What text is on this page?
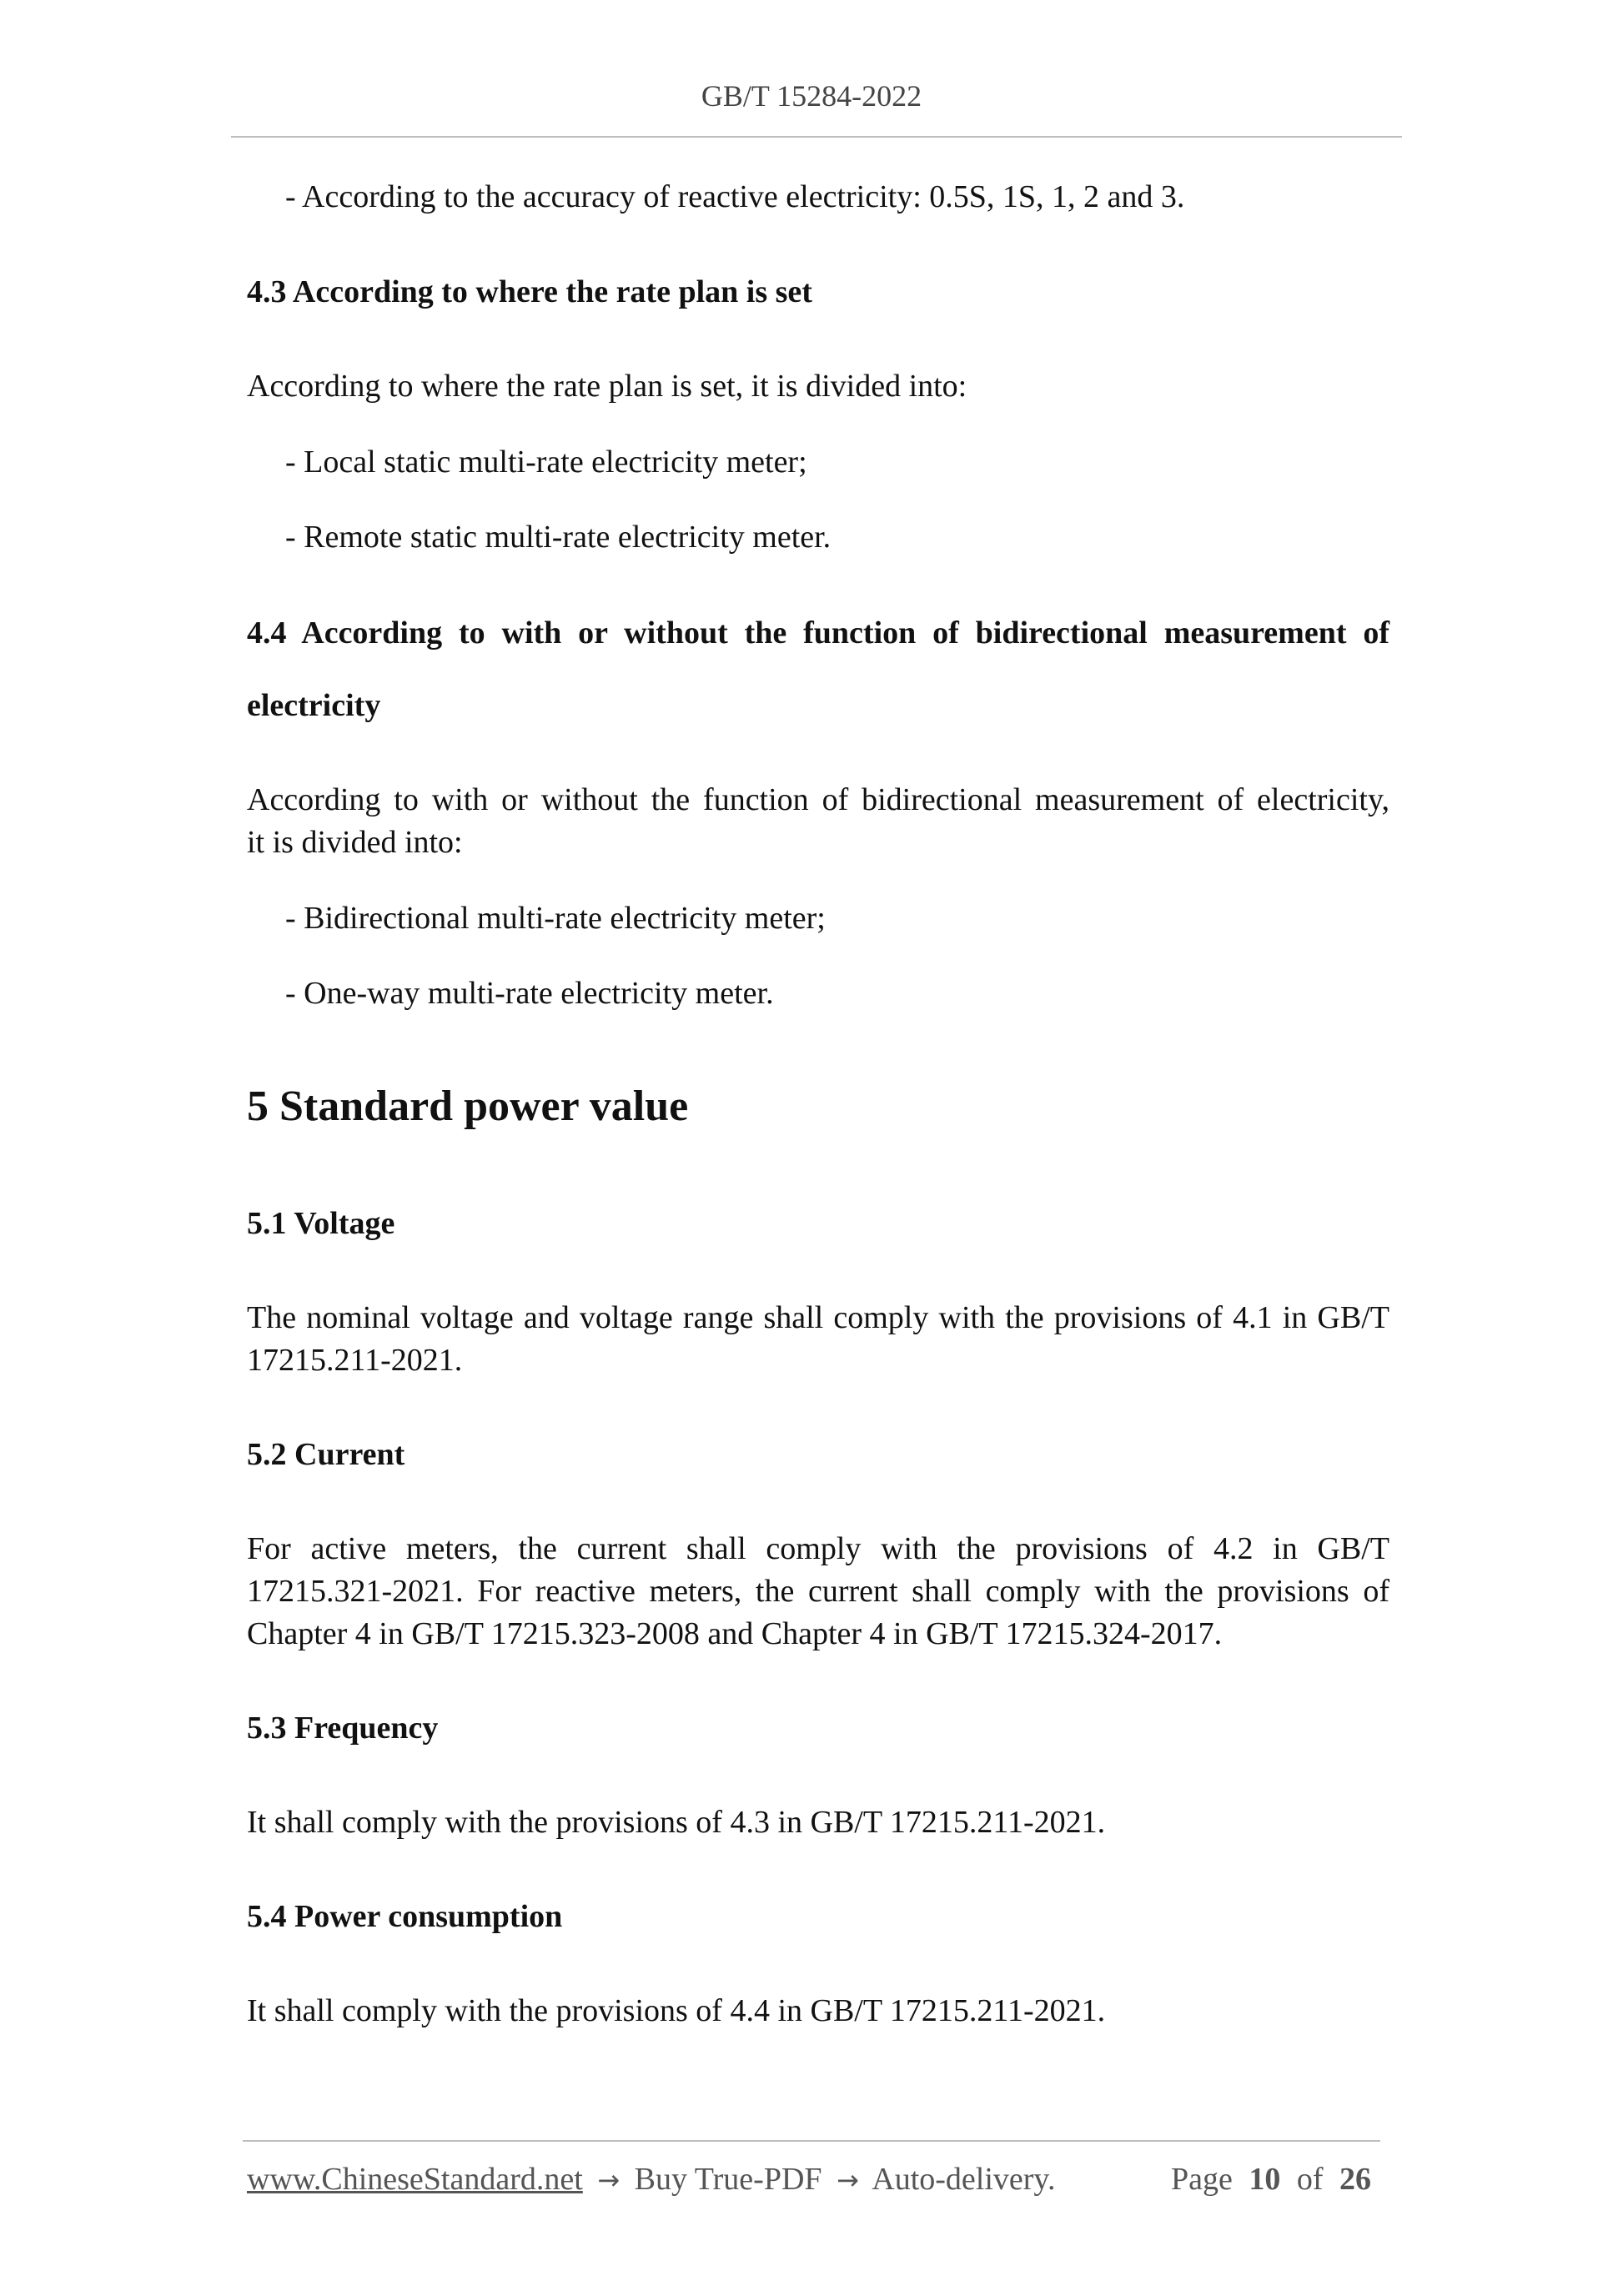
GB/T 15284-2022
- According to the accuracy of reactive electricity: 0.5S, 1S, 1, 2 and 3.
4.3 According to where the rate plan is set
According to where the rate plan is set, it is divided into:
- Local static multi-rate electricity meter;
- Remote static multi-rate electricity meter.
4.4 According to with or without the function of bidirectional measurement of
electricity
According to with or without the function of bidirectional measurement of electricity,
it is divided into:
- Bidirectional multi-rate electricity meter;
- One-way multi-rate electricity meter.
5 Standard power value
5.1 Voltage
The nominal voltage and voltage range shall comply with the provisions of 4.1 in GB/T
17215.211-2021.
5.2 Current
For active meters, the current shall comply with the provisions of 4.2 in GB/T
17215.321-2021. For reactive meters, the current shall comply with the provisions of
Chapter 4 in GB/T 17215.323-2008 and Chapter 4 in GB/T 17215.324-2017.
5.3 Frequency
It shall comply with the provisions of 4.3 in GB/T 17215.211-2021.
5.4 Power consumption
It shall comply with the provisions of 4.4 in GB/T 17215.211-2021.
www.ChineseStandard.net → Buy True-PDF → Auto-delivery.	Page 10 of 26
